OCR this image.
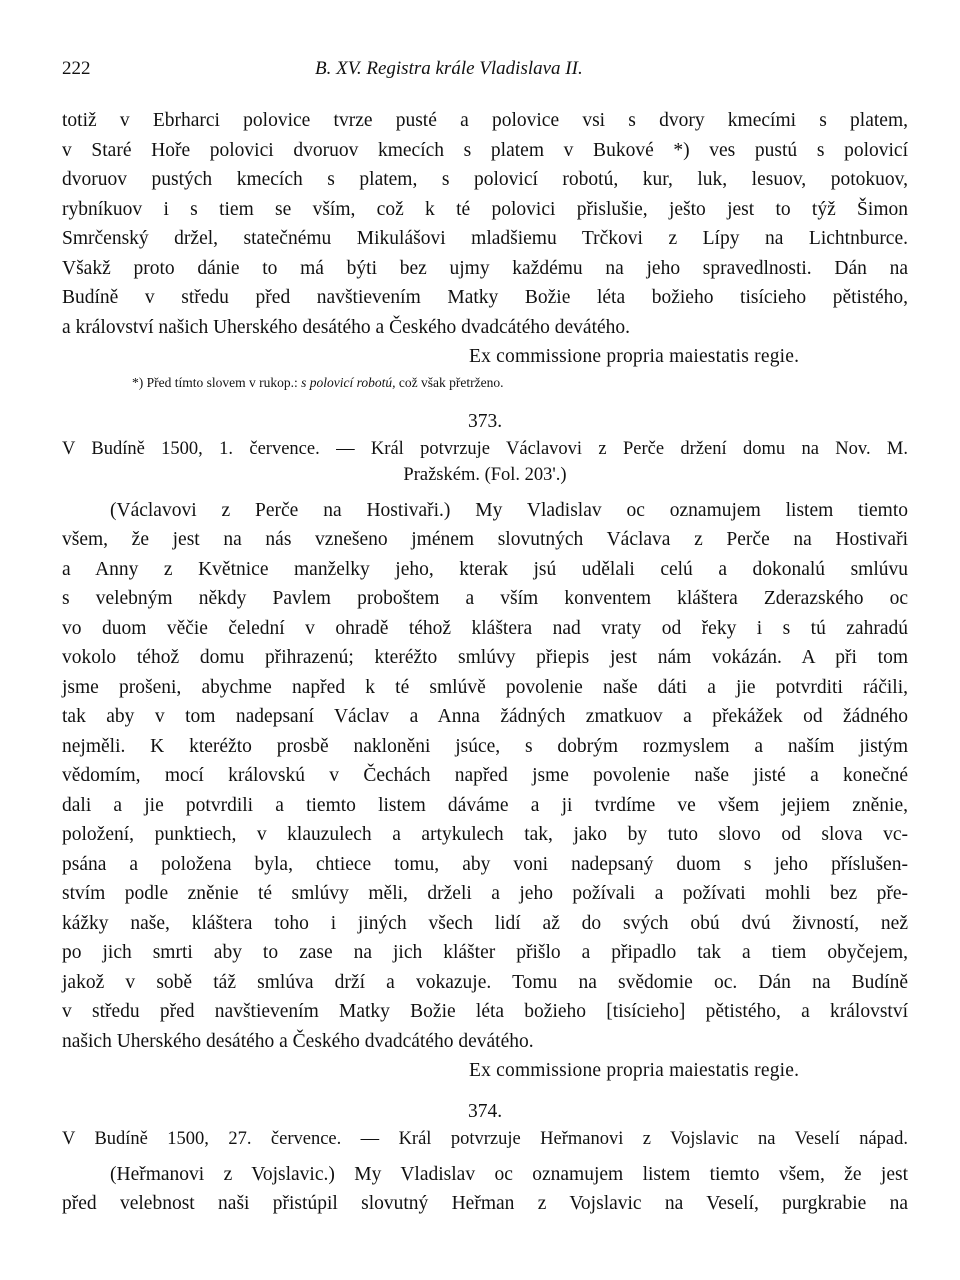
222	B. XV. Registra krále Vladislava II.
totiž v Ebrharci polovice tvrze pusté a polovice vsi s dvory kmecími s platem,
v Staré Hoře polovici dvoruov kmecích s platem v Bukové *) ves pustú s polovicí
dvoruov pustých kmecích s platem, s polovicí robotú, kur, luk, lesuov, potokuov,
rybníkuov i s tiem se vším, což k té polovici přislušie, ješto jest to týž Šimon
Smrčenský držel, statečnému Mikulášovi mladšiemu Trčkovi z Lípy na Lichtnburce.
Všakž proto dánie to má býti bez ujmy každému na jeho spravedlnosti. Dán na
Budíně v středu před navštievením Matky Božie léta božieho tisícieho pětistého,
a království našich Uherského desátého a Českého dvadcátého devátého.
Ex commissione propria maiestatis regie.
*) Před tímto slovem v rukop.: s polovicí robotú, což však přetrženo.
373.
V Budíně 1500, 1. července. — Král potvrzuje Václavovi z Perče držení domu na Nov. M.
Pražském. (Fol. 203'.)
(Václavovi z Perče na Hostivaři.) My Vladislav oc oznamujem listem tiemto
všem, že jest na nás vznešeno jménem slovutných Václava z Perče na Hostivaři
a Anny z Květnice manželky jeho, kterak jsú udělali celú a dokonalú smlúvu
s velebným někdy Pavlem proboštem a vším konventem kláštera Zderazského oc
vo duom věčie čelední v ohradě téhož kláštera nad vraty od řeky i s tú zahradú
vokolo téhož domu přihrazenú; kteréžto smlúvy přiepis jest nám vokázán. A při tom
jsme prošeni, abychme napřed k té smlúvě povolenie naše dáti a jie potvrditi ráčili,
tak aby v tom nadepsaní Václav a Anna žádných zmatkuov a překážek od žádného
nejměli. K kteréžto prosbě nakloněni jsúce, s dobrým rozmyslem a naším jistým
vědomím, mocí královskú v Čechách napřed jsme povolenie naše jisté a konečné
dali a jie potvrdili a tiemto listem dáváme a ji tvrdíme ve všem jejiem zněnie,
položení, punktiech, v klauzulech a artykulech tak, jako by tuto slovo od slova vc-
psána a položena byla, chtiece tomu, aby voni nadepsaný duom s jeho příslušen-
stvím podle zněnie té smlúvy měli, drželi a jeho požívali a požívati mohli bez pře-
kážky naše, kláštera toho i jiných všech lidí až do svých obú dvú živností, než
po jich smrti aby to zase na jich klášter přišlo a připadlo tak a tiem obyčejem,
jakož v sobě táž smlúva drží a vokazuje. Tomu na svědomie oc. Dán na Budíně
v středu před navštievením Matky Božie léta božieho [tisícieho] pětistého, a království
našich Uherského desátého a Českého dvadcátého devátého.
Ex commissione propria maiestatis regie.
374.
V Budíně 1500, 27. července. — Král potvrzuje Heřmanovi z Vojslavic na Veselí nápad.
(Heřmanovi z Vojslavic.) My Vladislav oc oznamujem listem tiemto všem, že jest
před velebnost naši přistúpil slovutný Heřman z Vojslavic na Veselí, purgkrabie na
